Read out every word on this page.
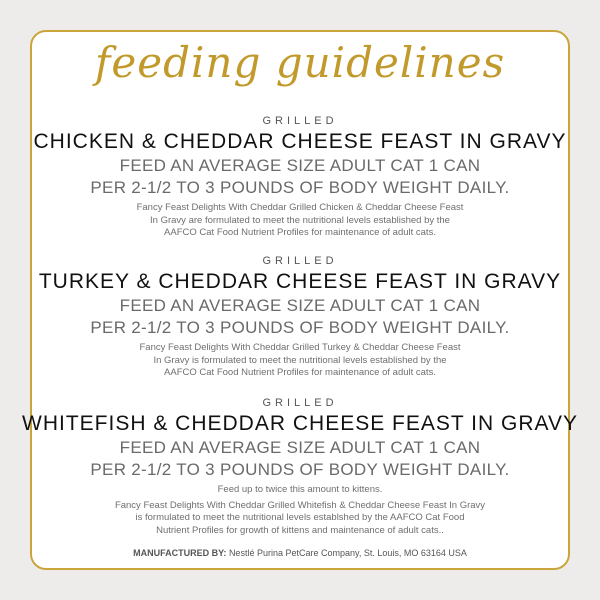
feeding guidelines
GRILLED
CHICKEN & CHEDDAR CHEESE FEAST IN GRAVY
FEED AN AVERAGE SIZE ADULT CAT 1 CAN
PER 2-1/2 TO 3 POUNDS OF BODY WEIGHT DAILY.
Fancy Feast Delights With Cheddar Grilled Chicken & Cheddar Cheese Feast
In Gravy are formulated to meet the nutritional levels established by the
AAFCO Cat Food Nutrient Profiles for maintenance of adult cats.
GRILLED
TURKEY & CHEDDAR CHEESE FEAST IN GRAVY
FEED AN AVERAGE SIZE ADULT CAT 1 CAN
PER 2-1/2 TO 3 POUNDS OF BODY WEIGHT DAILY.
Fancy Feast Delights With Cheddar Grilled Turkey & Cheddar Cheese Feast
In Gravy is formulated to meet the nutritional levels established by the
AAFCO Cat Food Nutrient Profiles for maintenance of adult cats.
GRILLED
WHITEFISH & CHEDDAR CHEESE FEAST IN GRAVY
FEED AN AVERAGE SIZE ADULT CAT 1 CAN
PER 2-1/2 TO 3 POUNDS OF BODY WEIGHT DAILY.
Feed up to twice this amount to kittens.
Fancy Feast Delights With Cheddar Grilled Whitefish & Cheddar Cheese Feast In Gravy
is formulated to meet the nutritional levels establshed by the AAFCO Cat Food
Nutrient Profiles for growth of kittens and maintenance of adult cats..
MANUFACTURED BY: Nestlé Purina PetCare Company, St. Louis, MO 63164 USA
